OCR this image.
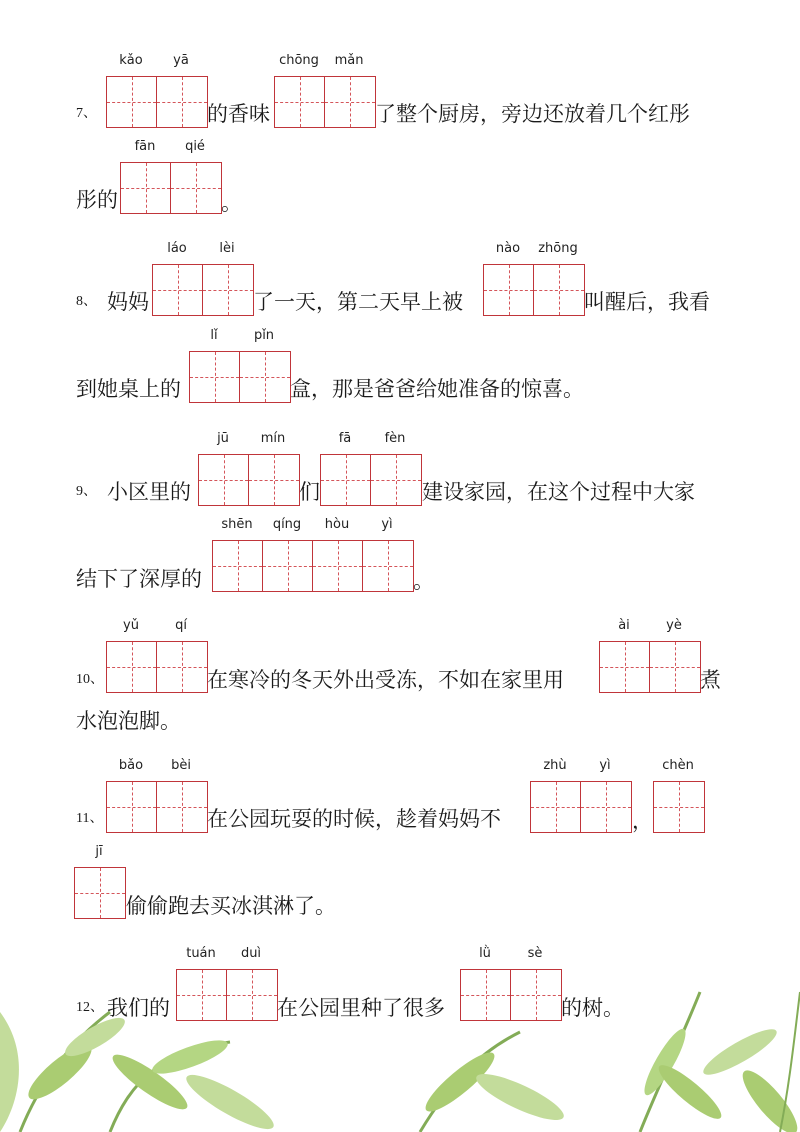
7、
kǎo	yā
的香味
chōng	mǎn
了整个厨房，旁边还放着几个红彤
彤的
fān	qié
。
8、 妈妈
láo	lèi
了一天，第二天早上被
nào	zhōng
叫醒后，我看
到她桌上的
lǐ	pǐn
盒，那是爸爸给她准备的惊喜。
9、 小区里的
jū	mín
们
fā	fèn
建设家园，在这个过程中大家
结下了深厚的
shēn	qíng	hòu	yì
。
10、
yǔ	qí
在寒冷的冬天外出受冻，不如在家里用
ài	yè
煮
水泡泡脚。
11、
bǎo	bèi
在公园玩耍的时候，趁着妈妈不
zhù	yì
，
chèn
jī
偷偷跑去买冰淇淋了。
12、 我们的
tuán	duì
在公园里种了很多
lǜ	sè
的树。
